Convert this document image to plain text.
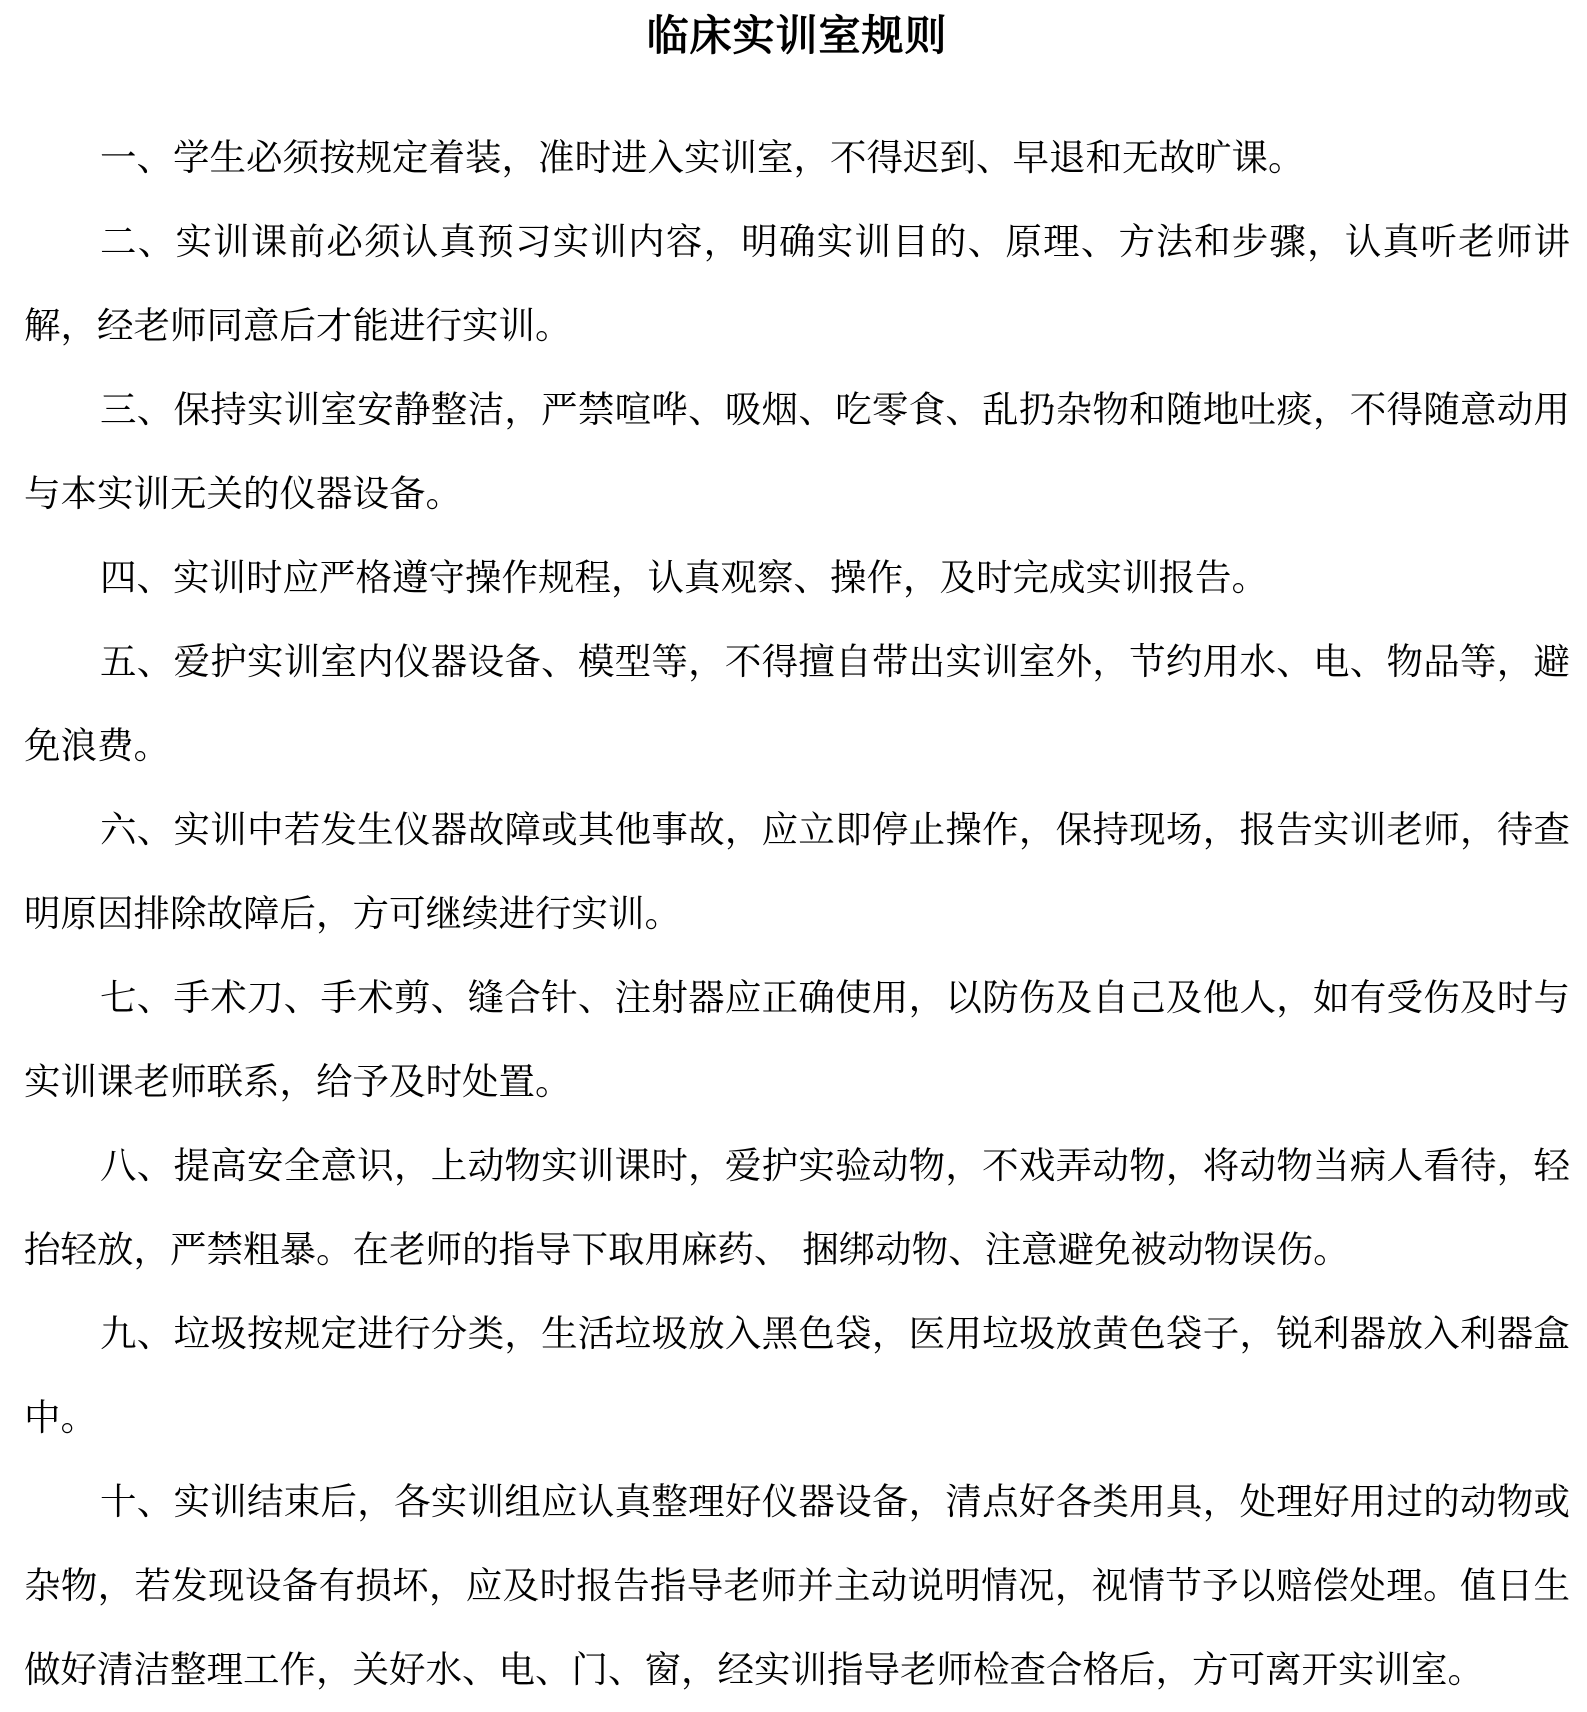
临床实训室规则

一、学生必须按规定着装，准时进入实训室，不得迟到、早退和无故旷课。

二、实训课前必须认真预习实训内容，明确实训目的、原理、方法和步骤，认真听老师讲解，经老师同意后才能进行实训。

三、保持实训室安静整洁，严禁喧哗、吸烟、吃零食、乱扔杂物和随地吐痰，不得随意动用与本实训无关的仪器设备。

四、实训时应严格遵守操作规程，认真观察、操作，及时完成实训报告。

五、爱护实训室内仪器设备、模型等，不得擅自带出实训室外，节约用水、电、物品等，避免浪费。

六、实训中若发生仪器故障或其他事故，应立即停止操作，保持现场，报告实训老师，待查明原因排除故障后，方可继续进行实训。

七、手术刀、手术剪、缝合针、注射器应正确使用，以防伤及自己及他人，如有受伤及时与实训课老师联系，给予及时处置。

八、提高安全意识，上动物实训课时，爱护实验动物，不戏弄动物，将动物当病人看待，轻抬轻放，严禁粗暴。在老师的指导下取用麻药、 捆绑动物、注意避免被动物误伤。

九、垃圾按规定进行分类，生活垃圾放入黑色袋，医用垃圾放黄色袋子，锐利器放入利器盒中。

十、实训结束后，各实训组应认真整理好仪器设备，清点好各类用具，处理好用过的动物或杂物，若发现设备有损坏，应及时报告指导老师并主动说明情况，视情节予以赔偿处理。值日生做好清洁整理工作，关好水、电、门、窗，经实训指导老师检查合格后，方可离开实训室。
